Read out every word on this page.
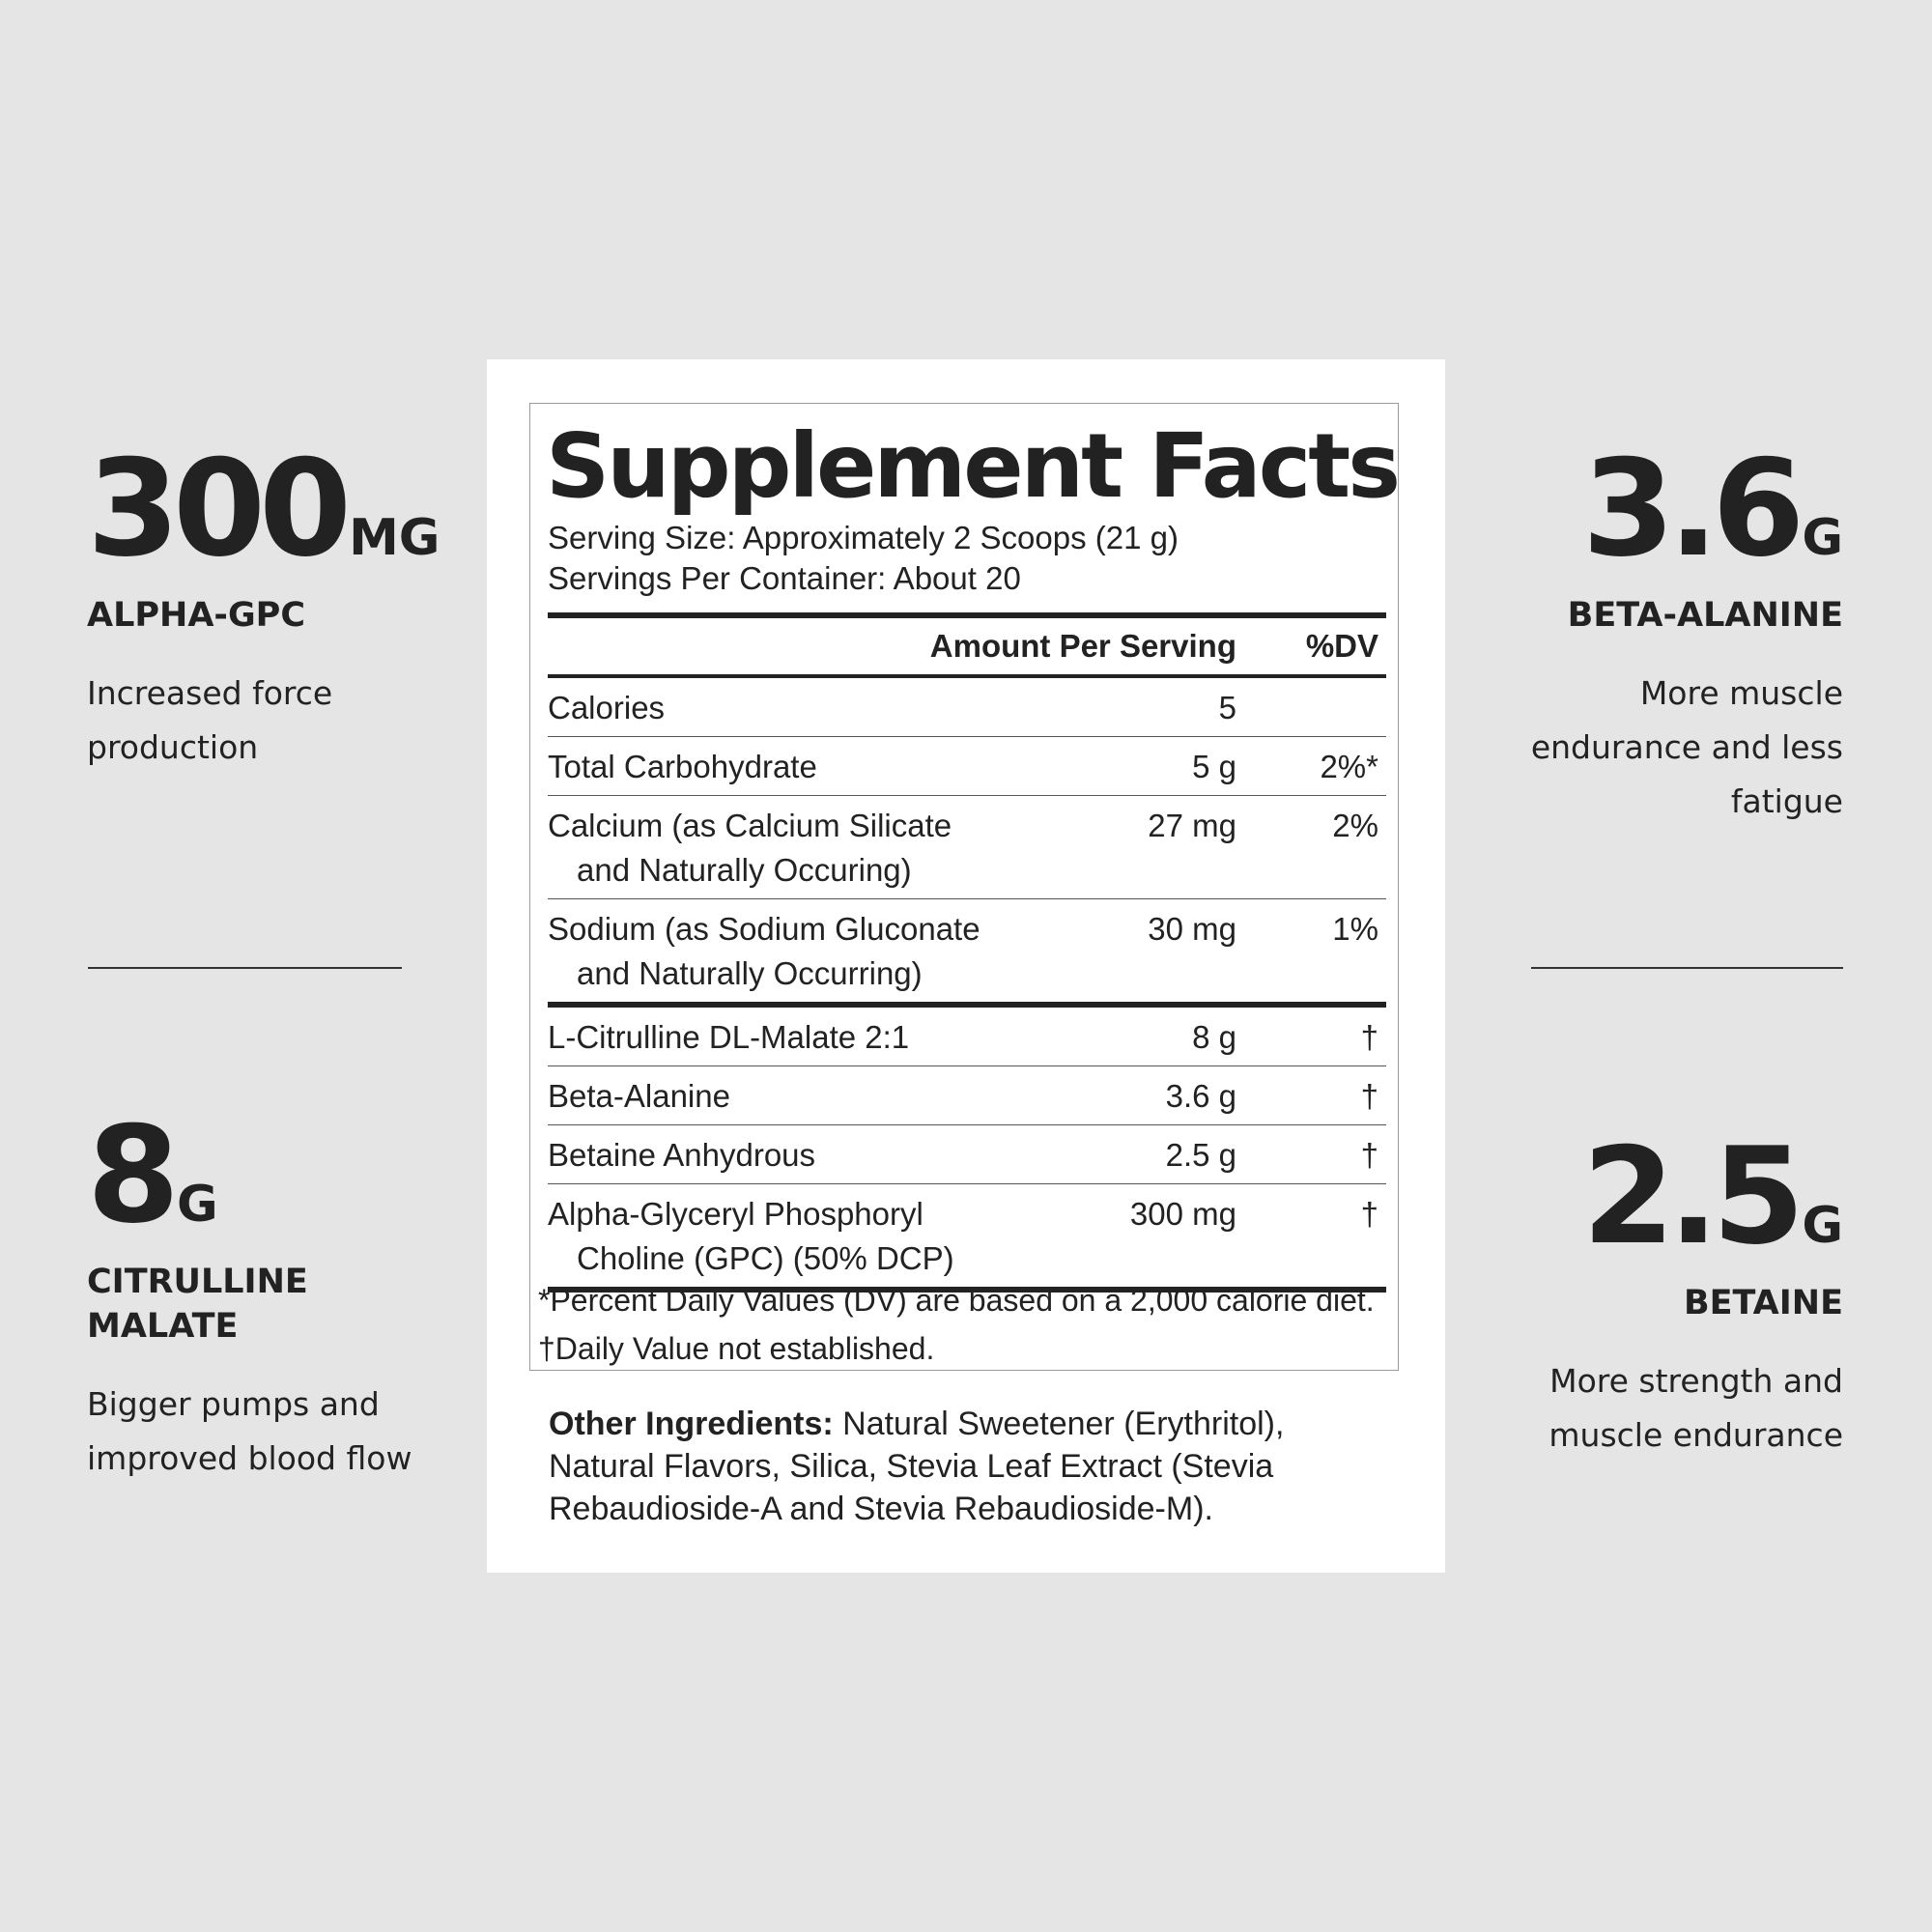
300MG
ALPHA-GPC
Increased force
production
8G
CITRULLINE
MALATE
Bigger pumps and
improved blood flow
3.6G
BETA-ALANINE
More muscle
endurance and less
fatigue
2.5G
BETAINE
More strength and
muscle endurance
Supplement Facts
Serving Size: Approximately 2 Scoops (21 g)
Servings Per Container: About 20
Amount Per Serving	%DV
Calories	5
Total Carbohydrate	5 g	2%*
Calcium (as Calcium Silicate
and Naturally Occuring)
27 mg	2%
Sodium (as Sodium Gluconate
and Naturally Occurring)
30 mg	1%
L-Citrulline DL-Malate 2:1	8 g	†
Beta-Alanine	3.6 g	†
Betaine Anhydrous	2.5 g	†
Alpha-Glyceryl Phosphoryl
Choline (GPC) (50% DCP)
300 mg	†
*Percent Daily Values (DV) are based on a 2,000 calorie diet.
†Daily Value not established.
Other Ingredients: Natural Sweetener (Erythritol), Natural Flavors, Silica, Stevia Leaf Extract (Stevia Rebaudioside-A and Stevia Rebaudioside-M).
